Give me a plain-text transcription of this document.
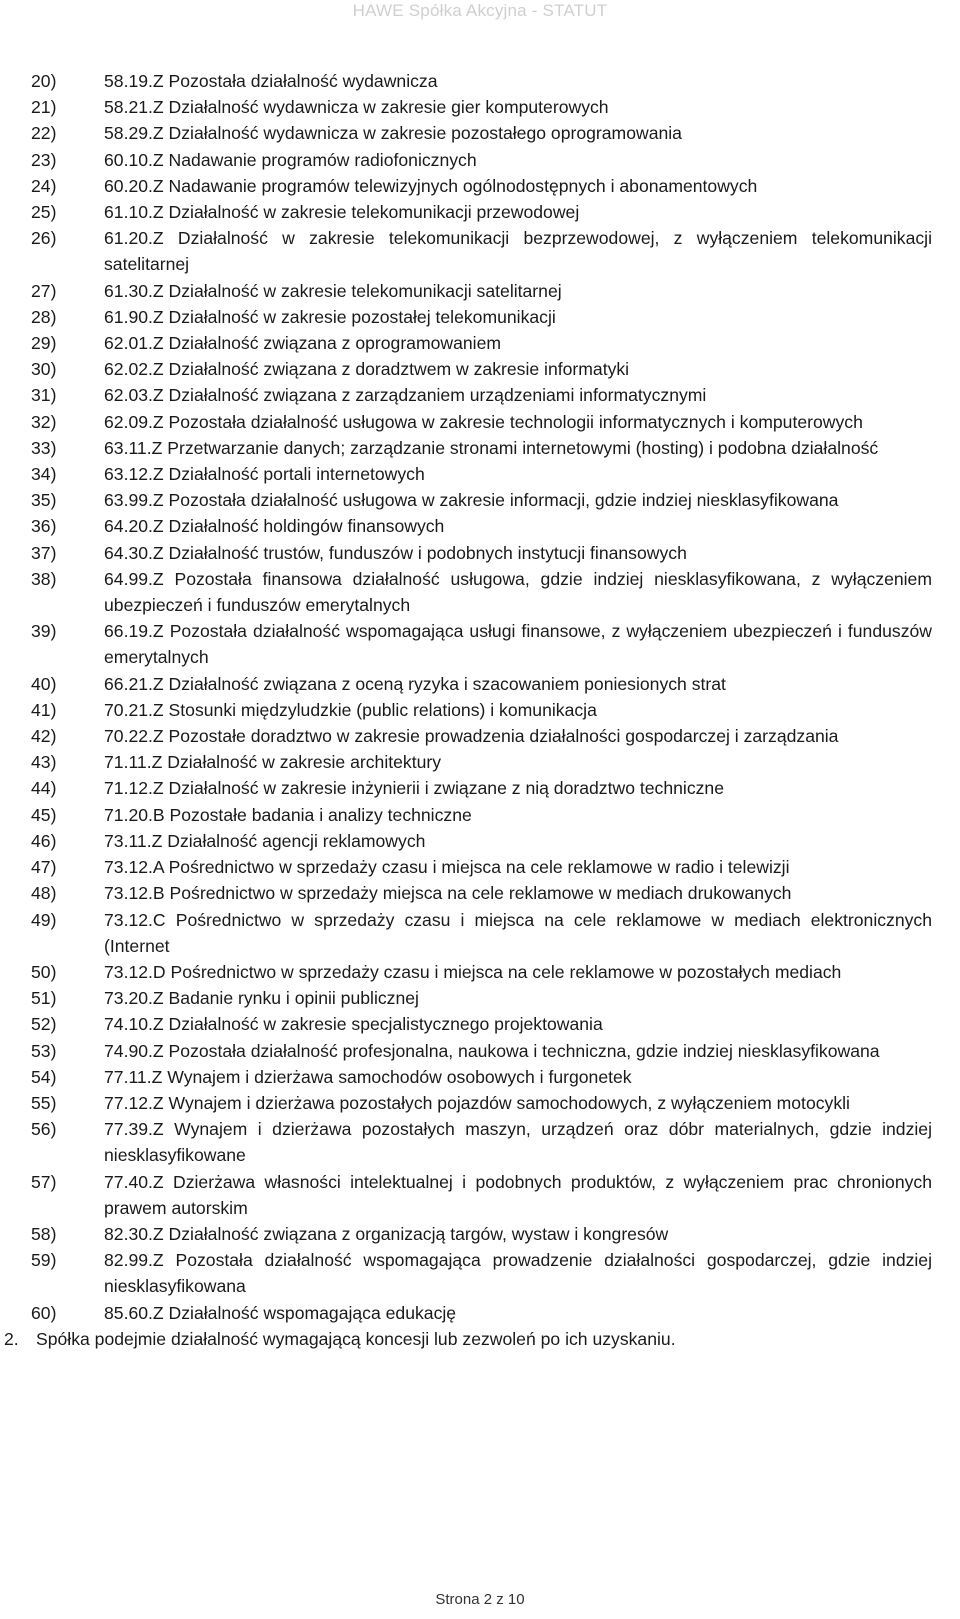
HAWE Spółka Akcyjna - STATUT
20)	58.19.Z Pozostała działalność wydawnicza
21)	58.21.Z Działalność wydawnicza w zakresie gier komputerowych
22)	58.29.Z Działalność wydawnicza w zakresie pozostałego oprogramowania
23)	60.10.Z Nadawanie programów radiofonicznych
24)	60.20.Z Nadawanie programów telewizyjnych ogólnodostępnych i abonamentowych
25)	61.10.Z Działalność w zakresie telekomunikacji przewodowej
26)	61.20.Z Działalność w zakresie telekomunikacji bezprzewodowej, z wyłączeniem telekomunikacji satelitarnej
27)	61.30.Z Działalność w zakresie telekomunikacji satelitarnej
28)	61.90.Z Działalność w zakresie pozostałej telekomunikacji
29)	62.01.Z Działalność związana z oprogramowaniem
30)	62.02.Z Działalność związana z doradztwem w zakresie informatyki
31)	62.03.Z Działalność związana z zarządzaniem urządzeniami informatycznymi
32)	62.09.Z Pozostała działalność usługowa w zakresie technologii informatycznych i komputerowych
33)	63.11.Z Przetwarzanie danych; zarządzanie stronami internetowymi (hosting) i podobna działalność
34)	63.12.Z Działalność portali internetowych
35)	63.99.Z Pozostała działalność usługowa w zakresie informacji, gdzie indziej niesklasyfikowana
36)	64.20.Z Działalność holdingów finansowych
37)	64.30.Z Działalność trustów, funduszów i podobnych instytucji finansowych
38)	64.99.Z Pozostała finansowa działalność usługowa, gdzie indziej niesklasyfikowana, z wyłączeniem ubezpieczeń i funduszów emerytalnych
39)	66.19.Z Pozostała działalność wspomagająca usługi finansowe, z wyłączeniem ubezpieczeń i funduszów emerytalnych
40)	66.21.Z Działalność związana z oceną ryzyka i szacowaniem poniesionych strat
41)	70.21.Z Stosunki międzyludzkie (public relations) i komunikacja
42)	70.22.Z Pozostałe doradztwo w zakresie prowadzenia działalności gospodarczej i zarządzania
43)	71.11.Z Działalność w zakresie architektury
44)	71.12.Z Działalność w zakresie inżynierii i związane z nią doradztwo techniczne
45)	71.20.B Pozostałe badania i analizy techniczne
46)	73.11.Z Działalność agencji reklamowych
47)	73.12.A Pośrednictwo w sprzedaży czasu i miejsca na cele reklamowe w radio i telewizji
48)	73.12.B Pośrednictwo w sprzedaży miejsca na cele reklamowe w mediach drukowanych
49)	73.12.C Pośrednictwo w sprzedaży czasu i miejsca na cele reklamowe w mediach elektronicznych (Internet
50)	73.12.D Pośrednictwo w sprzedaży czasu i miejsca na cele reklamowe w pozostałych mediach
51)	73.20.Z Badanie rynku i opinii publicznej
52)	74.10.Z Działalność w zakresie specjalistycznego projektowania
53)	74.90.Z Pozostała działalność profesjonalna, naukowa i techniczna, gdzie indziej niesklasyfikowana
54)	77.11.Z Wynajem i dzierżawa samochodów osobowych i furgonetek
55)	77.12.Z Wynajem i dzierżawa pozostałych pojazdów samochodowych, z wyłączeniem motocykli
56)	77.39.Z Wynajem i dzierżawa pozostałych maszyn, urządzeń oraz dóbr materialnych, gdzie indziej niesklasyfikowane
57)	77.40.Z Dzierżawa własności intelektualnej i podobnych produktów, z wyłączeniem prac chronionych prawem autorskim
58)	82.30.Z Działalność związana z organizacją targów, wystaw i kongresów
59)	82.99.Z Pozostała działalność wspomagająca prowadzenie działalności gospodarczej, gdzie indziej niesklasyfikowana
60)	85.60.Z Działalność wspomagająca edukację
2. Spółka podejmie działalność wymagającą koncesji lub zezwoleń po ich uzyskaniu.
Strona 2 z 10
